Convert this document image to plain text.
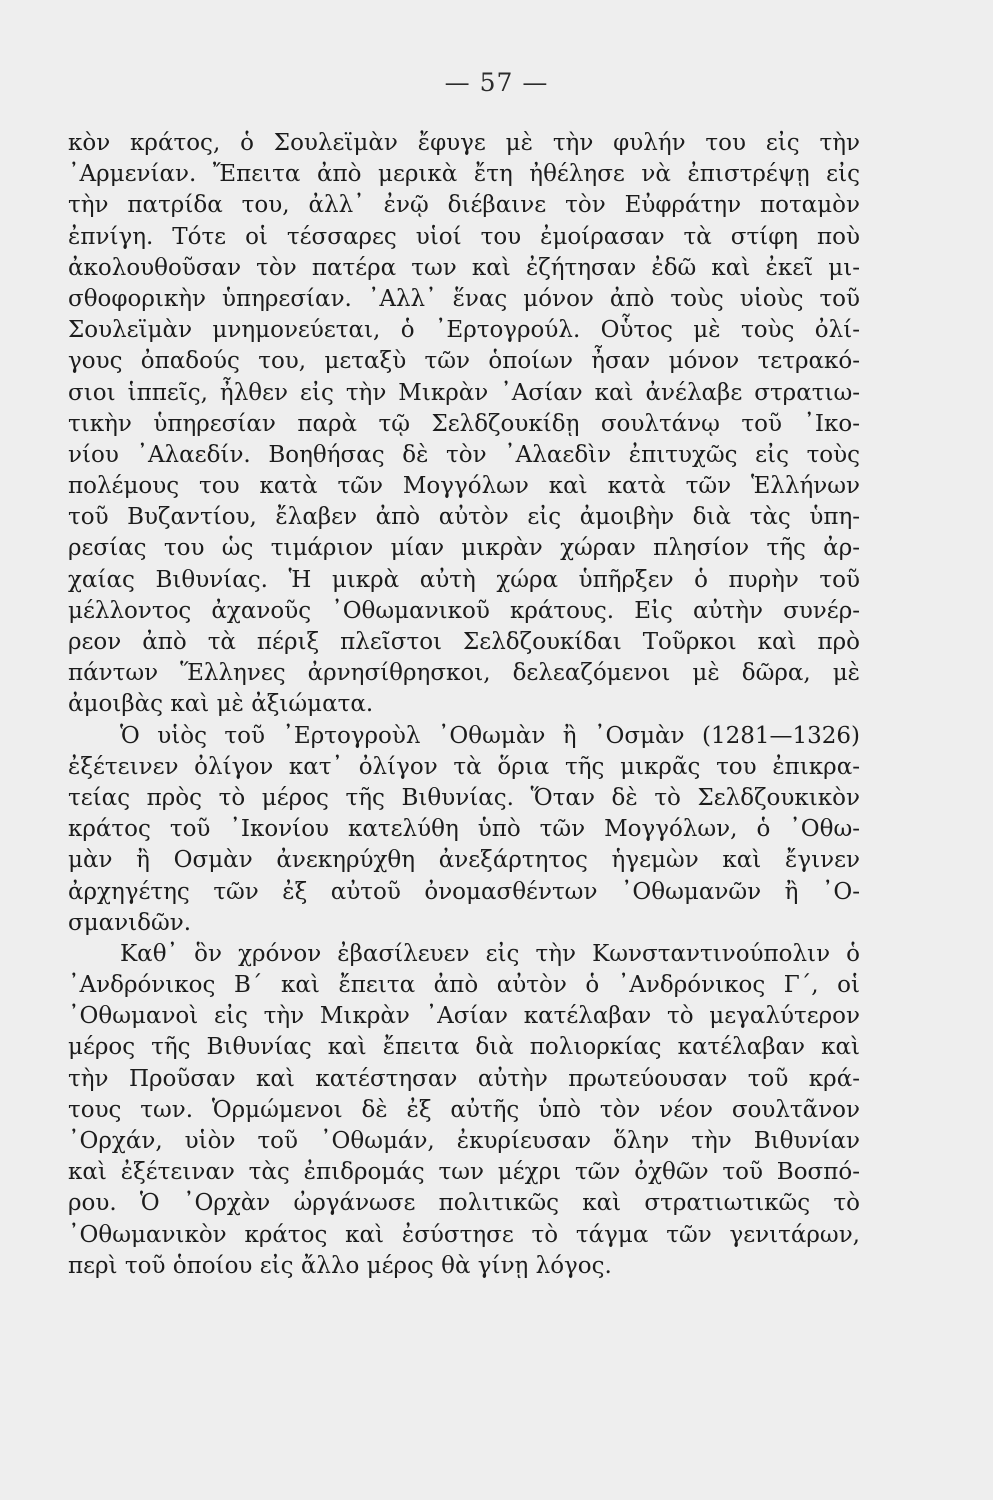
— 57 —
κὸν κράτος, ὁ Σουλεϊμὰν ἔφυγε μὲ τὴν φυλήν του εἰς τὴν
᾿Αρμενίαν. Ἔπειτα ἀπὸ μερικὰ ἔτη ἠθέλησε νὰ ἐπιστρέψῃ εἰς
τὴν πατρίδα του, ἀλλ᾿ ἐνῷ διέβαινε τὸν Εὐφράτην ποταμὸν
ἐπνίγη. Τότε οἱ τέσσαρες υἱοί του ἐμοίρασαν τὰ στίφη ποὺ
ἀκολουθοῦσαν τὸν πατέρα των καὶ ἐζήτησαν ἐδῶ καὶ ἐκεῖ μι-
σθοφορικὴν ὑπηρεσίαν. ᾿Αλλ᾿ ἕνας μόνον ἀπὸ τοὺς υἱοὺς τοῦ
Σουλεϊμὰν μνημονεύεται, ὁ ᾿Ερτογρούλ. Οὗτος μὲ τοὺς ὀλί-
γους ὀπαδούς του, μεταξὺ τῶν ὁποίων ἦσαν μόνον τετρακό-
σιοι ἱππεῖς, ἦλθεν εἰς τὴν Μικρὰν ᾿Ασίαν καὶ ἀνέλαβε στρατιω-
τικὴν ὑπηρεσίαν παρὰ τῷ Σελδζουκίδῃ σουλτάνῳ τοῦ ᾿Ικο-
νίου ᾿Αλαεδίν. Βοηθήσας δὲ τὸν ᾿Αλαεδὶν ἐπιτυχῶς εἰς τοὺς
πολέμους του κατὰ τῶν Μογγόλων καὶ κατὰ τῶν Ἑλλήνων
τοῦ Βυζαντίου, ἔλαβεν ἀπὸ αὐτὸν εἰς ἀμοιβὴν διὰ τὰς ὑπη-
ρεσίας του ὡς τιμάριον μίαν μικρὰν χώραν πλησίον τῆς ἀρ-
χαίας Βιθυνίας. Ἡ μικρὰ αὐτὴ χώρα ὑπῆρξεν ὁ πυρὴν τοῦ
μέλλοντος ἀχανοῦς ᾿Οθωμανικοῦ κράτους. Εἰς αὐτὴν συνέρ-
ρεον ἀπὸ τὰ πέριξ πλεῖστοι Σελδζουκίδαι Τοῦρκοι καὶ πρὸ
πάντων Ἕλληνες ἀρνησίθρησκοι, δελεαζόμενοι μὲ δῶρα, μὲ
ἀμοιβὰς καὶ μὲ ἀξιώματα.
Ὁ υἱὸς τοῦ ᾿Ερτογροὺλ ᾿Οθωμὰν ἢ ᾿Οσμὰν (1281—1326)
ἐξέτεινεν ὀλίγον κατ᾿ ὀλίγον τὰ ὅρια τῆς μικρᾶς του ἐπικρα-
τείας πρὸς τὸ μέρος τῆς Βιθυνίας. Ὅταν δὲ τὸ Σελδζουκικὸν
κράτος τοῦ ᾿Ικονίου κατελύθη ὑπὸ τῶν Μογγόλων, ὁ ᾿Οθω-
μὰν ἢ Οσμὰν ἀνεκηρύχθη ἀνεξάρτητος ἡγεμὼν καὶ ἔγινεν
ἀρχηγέτης τῶν ἐξ αὐτοῦ ὀνομασθέντων ᾿Οθωμανῶν ἢ ᾿Ο-
σμανιδῶν.
Καθ᾿ ὃν χρόνον ἐβασίλευεν εἰς τὴν Κωνσταντινούπολιν ὁ
᾿Ανδρόνικος Β΄ καὶ ἔπειτα ἀπὸ αὐτὸν ὁ ᾿Ανδρόνικος Γ΄, οἱ
᾿Οθωμανοὶ εἰς τὴν Μικρὰν ᾿Ασίαν κατέλαβαν τὸ μεγαλύτερον
μέρος τῆς Βιθυνίας καὶ ἔπειτα διὰ πολιορκίας κατέλαβαν καὶ
τὴν Προῦσαν καὶ κατέστησαν αὐτὴν πρωτεύουσαν τοῦ κρά-
τους των. Ὁρμώμενοι δὲ ἐξ αὐτῆς ὑπὸ τὸν νέον σουλτᾶνον
᾿Ορχάν, υἱὸν τοῦ ᾿Οθωμάν, ἐκυρίευσαν ὅλην τὴν Βιθυνίαν
καὶ ἐξέτειναν τὰς ἐπιδρομάς των μέχρι τῶν ὀχθῶν τοῦ Βοσπό-
ρου. Ὁ ᾿Ορχὰν ὠργάνωσε πολιτικῶς καὶ στρατιωτικῶς τὸ
᾿Οθωμανικὸν κράτος καὶ ἐσύστησε τὸ τάγμα τῶν γενιτάρων,
περὶ τοῦ ὁποίου εἰς ἄλλο μέρος θὰ γίνῃ λόγος.
